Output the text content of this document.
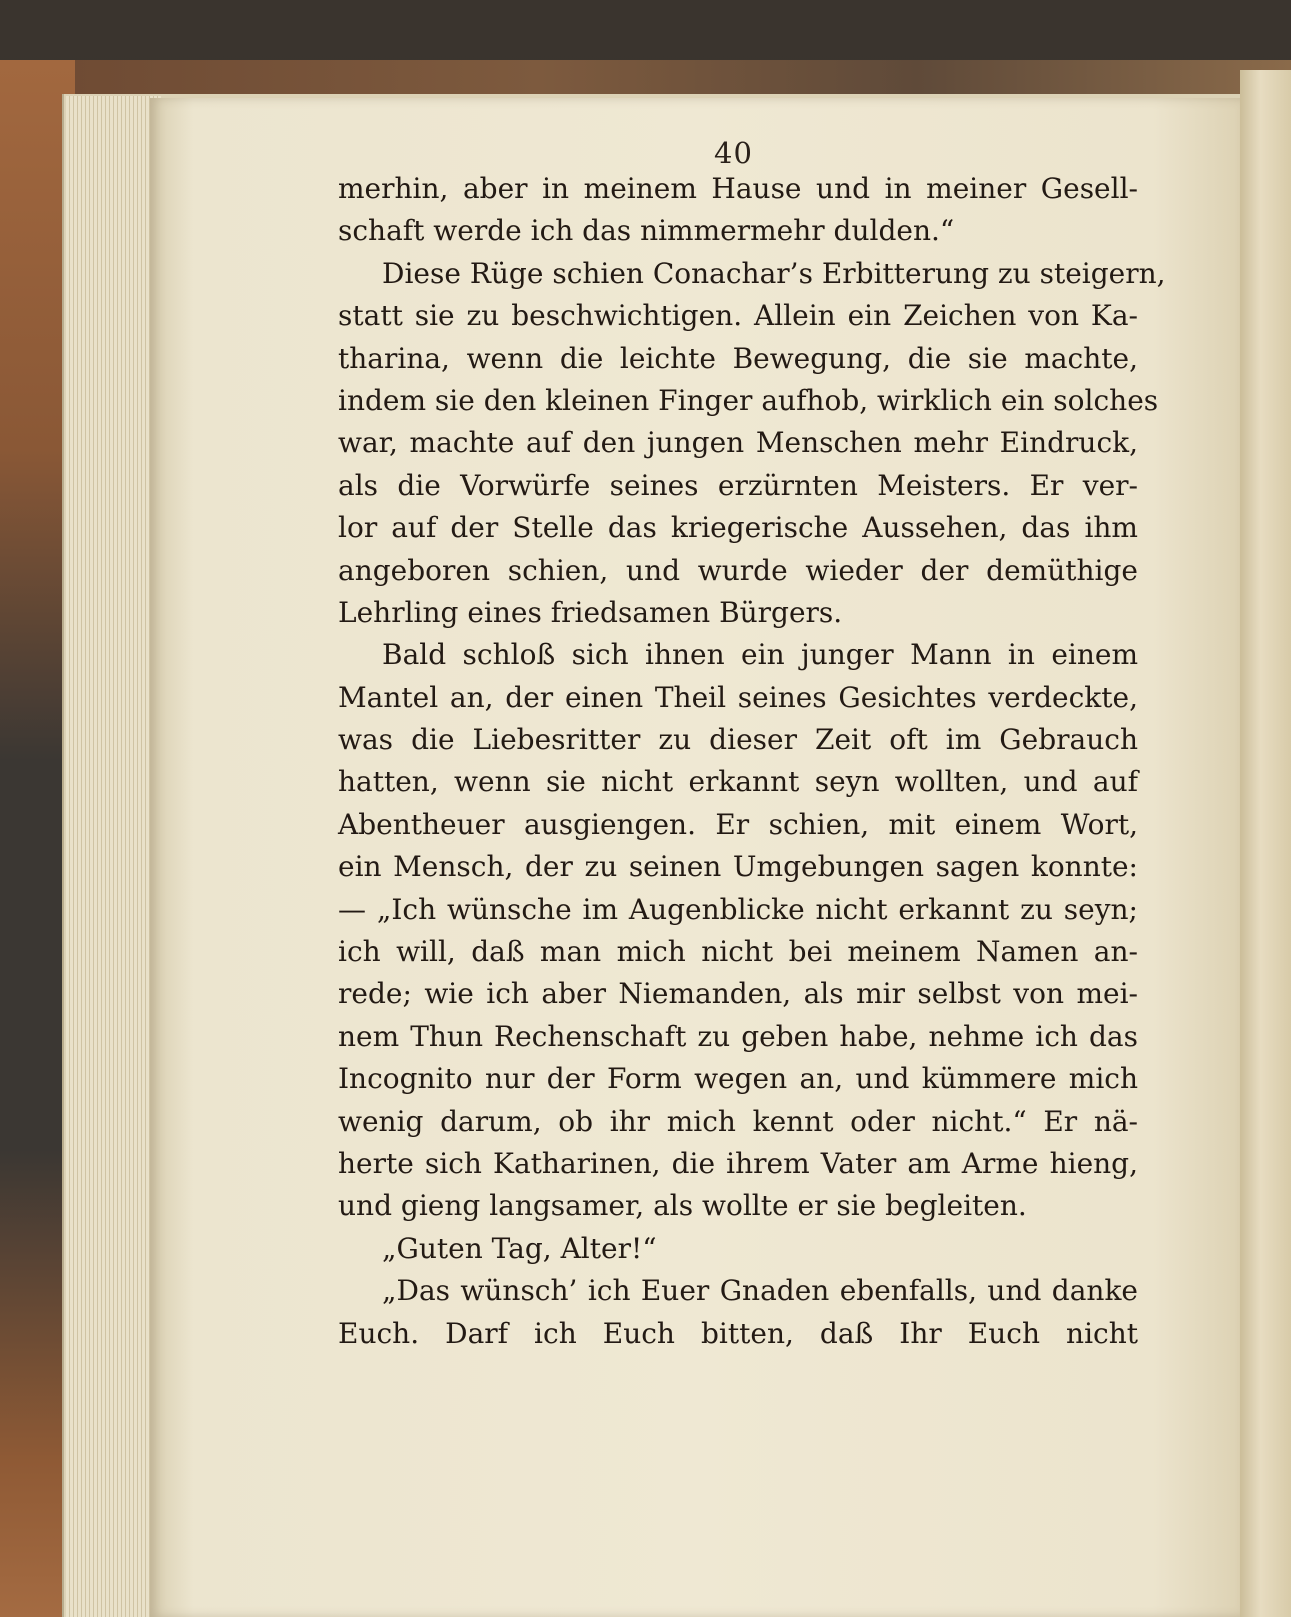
40
merhin, aber in meinem Hause und in meiner Gesell-
schaft werde ich das nimmermehr dulden.“
Diese Rüge schien Conachar’s Erbitterung zu steigern,
statt sie zu beschwichtigen. Allein ein Zeichen von Ka-
tharina, wenn die leichte Bewegung, die sie machte,
indem sie den kleinen Finger aufhob, wirklich ein solches
war, machte auf den jungen Menschen mehr Eindruck,
als die Vorwürfe seines erzürnten Meisters. Er ver-
lor auf der Stelle das kriegerische Aussehen, das ihm
angeboren schien, und wurde wieder der demüthige
Lehrling eines friedsamen Bürgers.
Bald schloß sich ihnen ein junger Mann in einem
Mantel an, der einen Theil seines Gesichtes verdeckte,
was die Liebesritter zu dieser Zeit oft im Gebrauch
hatten, wenn sie nicht erkannt seyn wollten, und auf
Abentheuer ausgiengen. Er schien, mit einem Wort,
ein Mensch, der zu seinen Umgebungen sagen konnte:
— „Ich wünsche im Augenblicke nicht erkannt zu seyn;
ich will, daß man mich nicht bei meinem Namen an-
rede; wie ich aber Niemanden, als mir selbst von mei-
nem Thun Rechenschaft zu geben habe, nehme ich das
Incognito nur der Form wegen an, und kümmere mich
wenig darum, ob ihr mich kennt oder nicht.“ Er nä-
herte sich Katharinen, die ihrem Vater am Arme hieng,
und gieng langsamer, als wollte er sie begleiten.
„Guten Tag, Alter!“
„Das wünsch’ ich Euer Gnaden ebenfalls, und danke
Euch. Darf ich Euch bitten, daß Ihr Euch nicht
